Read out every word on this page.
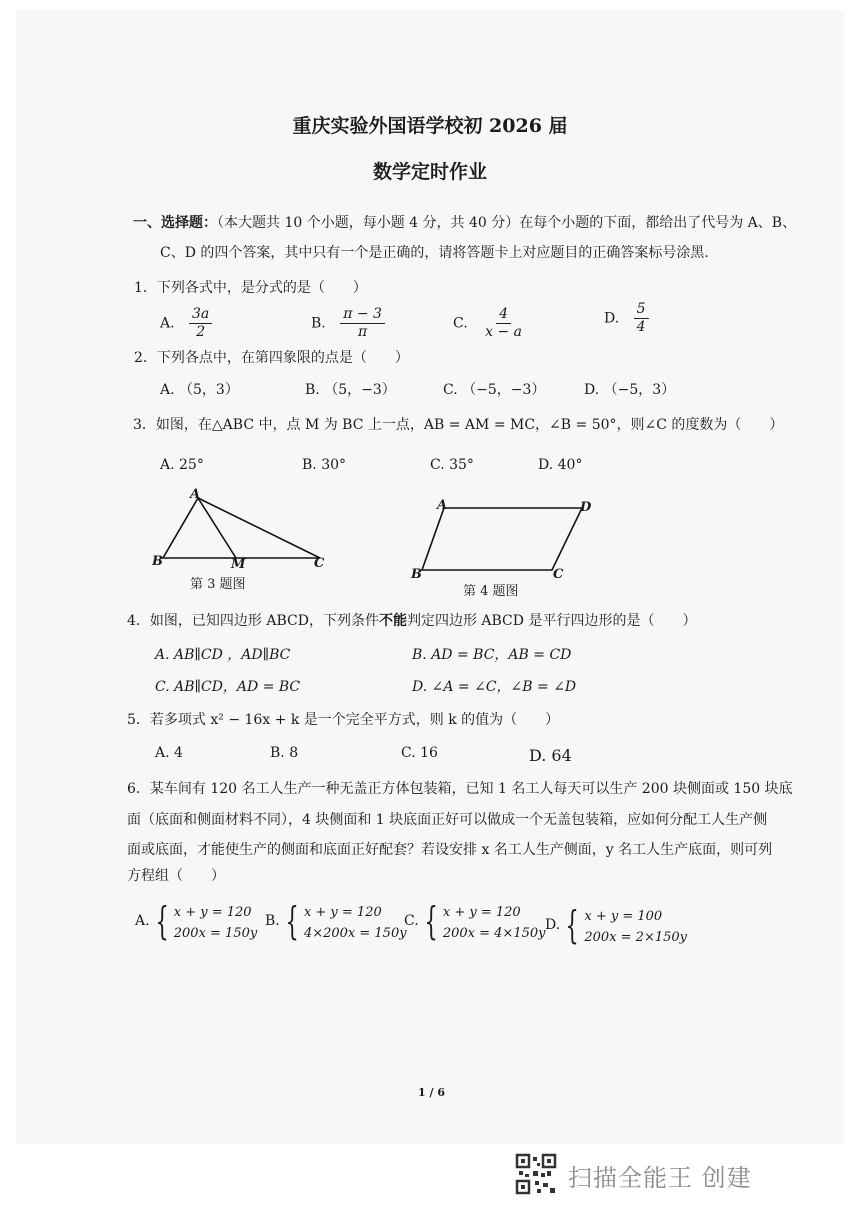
重庆实验外国语学校初 2026 届
数学定时作业
一、选择题：（本大题共 10 个小题，每小题 4 分，共 40 分）在每个小题的下面，都给出了代号为 A、B、
C、D 的四个答案，其中只有一个是正确的，请将答题卡上对应题目的正确答案标号涂黑.
1．下列各式中，是分式的是（　　）
A. $\frac{3a}{2}$	B. $\frac{\pi - 3}{\pi}$	C. $\frac{4}{x - a}$	D. $\frac{5}{4}$
2．下列各点中，在第四象限的点是（　　）
A. （5，3）	B. （5，−3）	C. （−5，−3）	D. （−5，3）
3．如图，在△ABC 中，点 M 为 BC 上一点，AB = AM = MC，∠B = 50°，则∠C 的度数为（　　）
A. 25°	B. 30°	C. 35°	D. 40°
A
B	M	C
第 3 题图
A	D
B	C
第 4 题图
4．如图，已知四边形 ABCD，下列条件不能判定四边形 ABCD 是平行四边形的是（　　）
A. AB∥CD ，AD∥BC	B. AD = BC，AB = CD
C. AB∥CD，AD = BC	D. ∠A = ∠C，∠B = ∠D
5．若多项式 x² − 16x + k 是一个完全平方式，则 k 的值为（　　）
A. 4	B. 8	C. 16	D. 64
6．某车间有 120 名工人生产一种无盖正方体包装箱，已知 1 名工人每天可以生产 200 块侧面或 150 块底
面（底面和侧面材料不同），4 块侧面和 1 块底面正好可以做成一个无盖包装箱，应如何分配工人生产侧
面或底面，才能使生产的侧面和底面正好配套？若设安排 x 名工人生产侧面，y 名工人生产底面，则可列
方程组（　　）
A. { x + y = 120
200x = 150y
B. { x + y = 120
4×200x = 150y
C. { x + y = 120
200x = 4×150y
D. { x + y = 100
200x = 2×150y
1 / 6
扫描全能王 创建
